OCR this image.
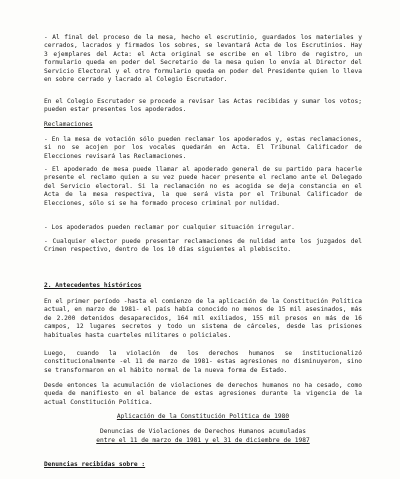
- Al final del proceso de la mesa, hecho el escrutinio, guardados los materiales y cerrados, lacrados y firmados los sobres, se levantará Acta de los Escrutinios. Hay 3 ejemplares del Acta: el Acta original se escribe en el libro de registro, un formulario queda en poder del Secretario de la mesa quien lo envía al Director del Servicio Electoral y el otro formulario queda en poder del Presidente quien lo lleva en sobre cerrado y lacrado al Colegio Escrutador.
En el Colegio Escrutador se procede a revisar las Actas recibidas y sumar los votos; pueden estar presentes los apoderados.
Reclamaciones
- En la mesa de votación sólo pueden reclamar los apoderados y, estas reclamaciones, si no se acojen por los vocales quedarán en Acta. El Tribunal Calificador de Elecciones revisará las Reclamaciones.
- El apoderado de mesa puede llamar al apoderado general de su partido para hacerle presente el reclamo quien a su vez puede hacer presente el reclamo ante el Delegado del Servicio electoral. Si la reclamación no es acogida se deja constancia en el Acta de la mesa respectiva, la que será vista por el Tribunal Calificador de Elecciones, sólo si se ha formado proceso criminal por nulidad.
- Los apoderados pueden reclamar por cualquier situación irregular.
- Cualquier elector puede presentar reclamaciones de nulidad ante los juzgados del Crimen respectivo, dentro de los 10 días siguientes al plebiscito.
2. Antecedentes históricos
En el primer período -hasta el comienzo de la aplicación de la Constitución Política actual, en marzo de 1981- el país había conocido no menos de 15 mil asesinados, más de 2.200 detenidos desaparecidos, 164 mil exiliados, 155 mil presos en más de 16 campos, 12 lugares secretos y todo un sistema de cárceles, desde las prisiones habituales hasta cuarteles militares o policiales.
Luego, cuando la violación de los derechos humanos se institucionalizó constitucionalmente -el 11 de marzo de 1981- estas agresiones no disminuyeron, sino se transformaron en el hábito normal de la nueva forma de Estado.
Desde entonces la acumulación de violaciones de derechos humanos no ha cesado, como queda de manifiesto en el balance de estas agresiones durante la vigencia de la actual Constitución Política.
Aplicación de la Constitución Política de 1980
Denuncias de Violaciones de Derechos Humanos acumuladas
entre el 11 de marzo de 1981 y el 31 de diciembre de 1987
Denuncias recibidas sobre :
